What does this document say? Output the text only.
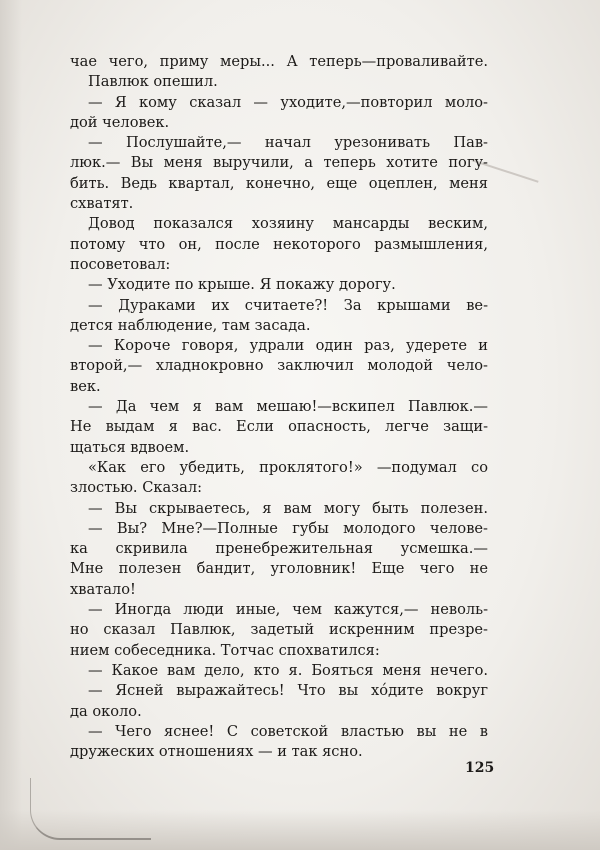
чае чего, приму меры... А теперь—проваливайте.
Павлюк опешил.
— Я кому сказал — уходите,—повторил моло-
дой человек.
— Послушайте,— начал урезонивать Пав-
люк.— Вы меня выручили, а теперь хотите погу-
бить. Ведь квартал, конечно, еще оцеплен, меня
схватят.
Довод показался хозяину мансарды веским,
потому что он, после некоторого размышления,
посоветовал:
— Уходите по крыше. Я покажу дорогу.
— Дураками их считаете?! За крышами ве-
дется наблюдение, там засада.
— Короче говоря, удрали один раз, удерете и
второй,— хладнокровно заключил молодой чело-
век.
— Да чем я вам мешаю!—вскипел Павлюк.—
Не выдам я вас. Если опасность, легче защи-
щаться вдвоем.
«Как его убедить, проклятого!» —подумал со
злостью. Сказал:
— Вы скрываетесь, я вам могу быть полезен.
— Вы? Мне?—Полные губы молодого челове-
ка скривила пренебрежительная усмешка.—
Мне полезен бандит, уголовник! Еще чего не
хватало!
— Иногда люди иные, чем кажутся,— неволь-
но сказал Павлюк, задетый искренним презре-
нием собеседника. Тотчас спохватился:
— Какое вам дело, кто я. Бояться меня нечего.
— Ясней выражайтесь! Что вы хóдите вокруг
да около.
— Чего яснее! С советской властью вы не в
дружеских отношениях — и так ясно.
125
